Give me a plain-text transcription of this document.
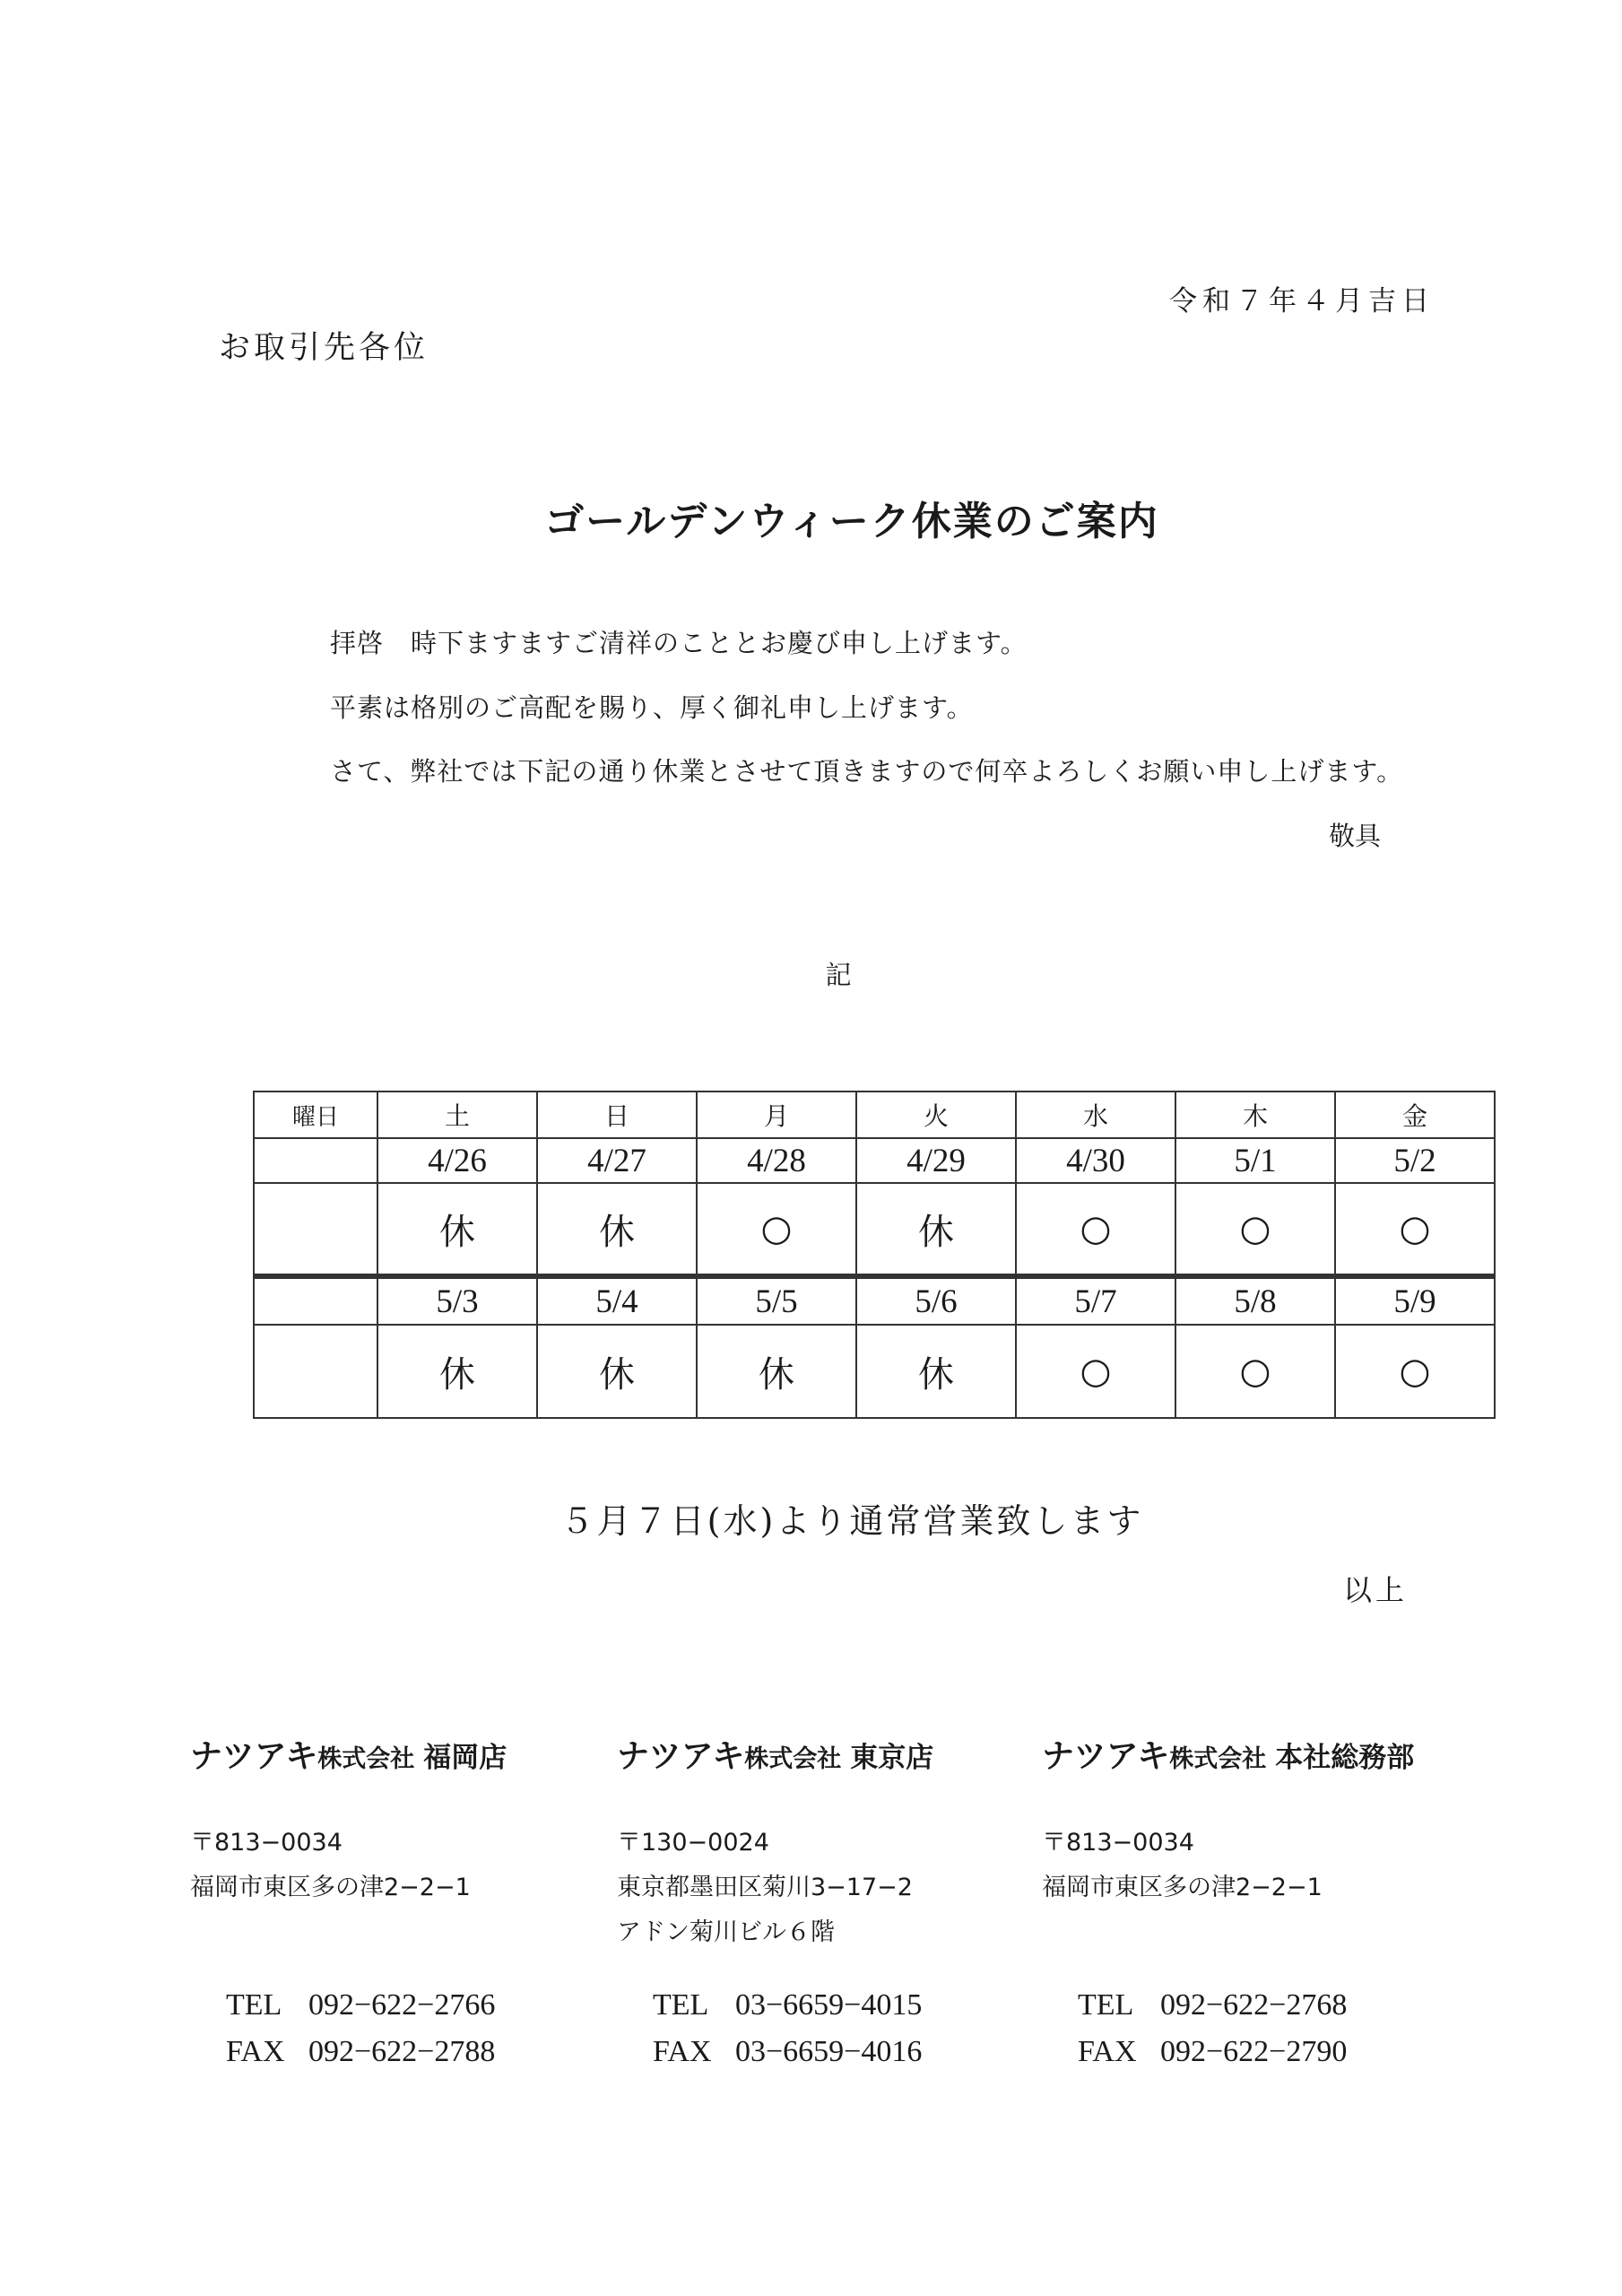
令和７年４月吉日
お取引先各位
ゴールデンウィーク休業のご案内
拝啓　時下ますますご清祥のこととお慶び申し上げます。
平素は格別のご高配を賜り、厚く御礼申し上げます。
さて、弊社では下記の通り休業とさせて頂きますので何卒よろしくお願い申し上げます。
敬具
記
曜日	土	日	月	火	水	木	金
	4/26	4/27	4/28	4/29	4/30	5/1	5/2
	休	休	○	休	○	○	○
	5/3	5/4	5/5	5/6	5/7	5/8	5/9
	休	休	休	休	○	○	○
５月７日(水)より通常営業致します
以上
ナツアキ株式会社 福岡店
〒813−0034
福岡市東区多の津2−2−1
TEL 092−622−2766
FAX 092−622−2788
ナツアキ株式会社 東京店
〒130−0024
東京都墨田区菊川3−17−2
アドン菊川ビル６階
TEL 03−6659−4015
FAX 03−6659−4016
ナツアキ株式会社 本社総務部
〒813−0034
福岡市東区多の津2−2−1
TEL 092−622−2768
FAX 092−622−2790
